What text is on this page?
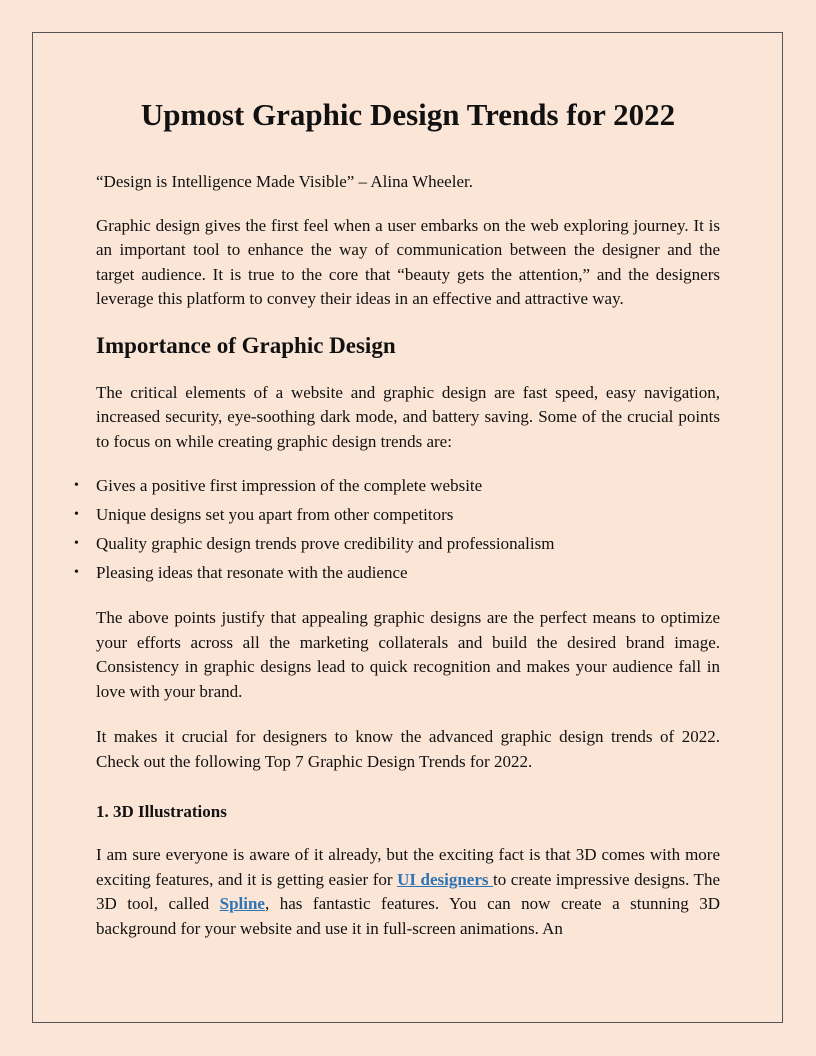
Upmost Graphic Design Trends for 2022

“Design is Intelligence Made Visible” – Alina Wheeler.

Graphic design gives the first feel when a user embarks on the web exploring journey. It is an important tool to enhance the way of communication between the designer and the target audience. It is true to the core that “beauty gets the attention,” and the designers leverage this platform to convey their ideas in an effective and attractive way.

Importance of Graphic Design

The critical elements of a website and graphic design are fast speed, easy navigation, increased security, eye-soothing dark mode, and battery saving. Some of the crucial points to focus on while creating graphic design trends are:

• Gives a positive first impression of the complete website
• Unique designs set you apart from other competitors
• Quality graphic design trends prove credibility and professionalism
• Pleasing ideas that resonate with the audience

The above points justify that appealing graphic designs are the perfect means to optimize your efforts across all the marketing collaterals and build the desired brand image. Consistency in graphic designs lead to quick recognition and makes your audience fall in love with your brand.

It makes it crucial for designers to know the advanced graphic design trends of 2022. Check out the following Top 7 Graphic Design Trends for 2022.

1. 3D Illustrations

I am sure everyone is aware of it already, but the exciting fact is that 3D comes with more exciting features, and it is getting easier for UI designers to create impressive designs. The 3D tool, called Spline, has fantastic features. You can now create a stunning 3D background for your website and use it in full-screen animations. An
